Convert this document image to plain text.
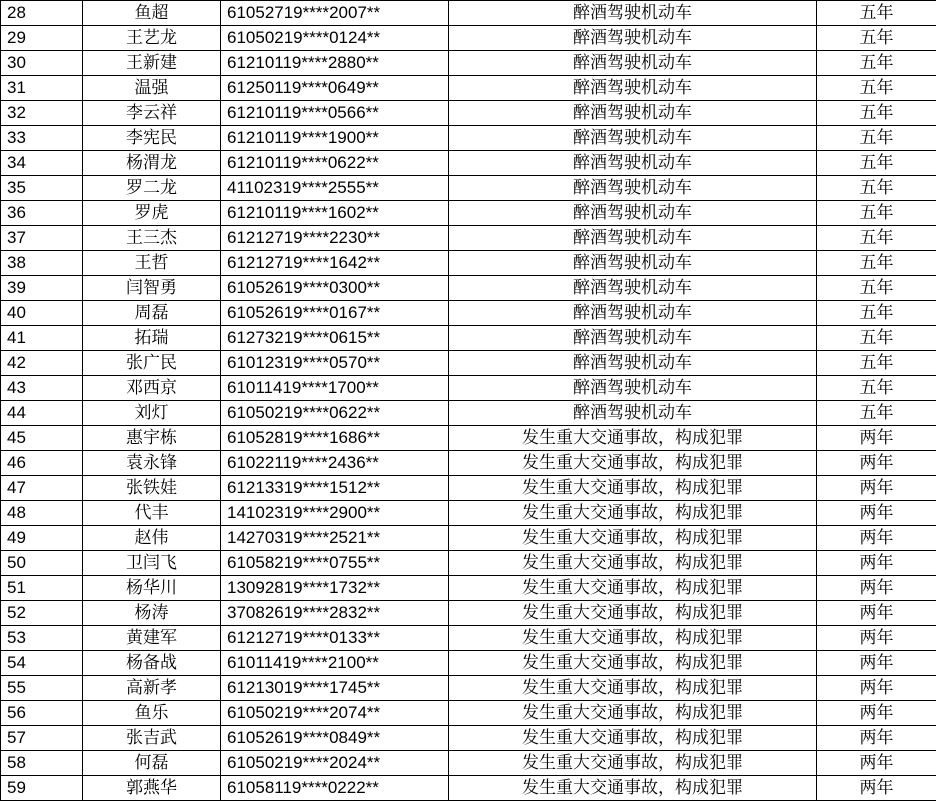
28	鱼超	61052719****2007**	醉酒驾驶机动车	五年
29	王艺龙	61050219****0124**	醉酒驾驶机动车	五年
30	王新建	61210119****2880**	醉酒驾驶机动车	五年
31	温强	61250119****0649**	醉酒驾驶机动车	五年
32	李云祥	61210119****0566**	醉酒驾驶机动车	五年
33	李宪民	61210119****1900**	醉酒驾驶机动车	五年
34	杨渭龙	61210119****0622**	醉酒驾驶机动车	五年
35	罗二龙	41102319****2555**	醉酒驾驶机动车	五年
36	罗虎	61210119****1602**	醉酒驾驶机动车	五年
37	王三杰	61212719****2230**	醉酒驾驶机动车	五年
38	王哲	61212719****1642**	醉酒驾驶机动车	五年
39	闫智勇	61052619****0300**	醉酒驾驶机动车	五年
40	周磊	61052619****0167**	醉酒驾驶机动车	五年
41	拓瑞	61273219****0615**	醉酒驾驶机动车	五年
42	张广民	61012319****0570**	醉酒驾驶机动车	五年
43	邓西京	61011419****1700**	醉酒驾驶机动车	五年
44	刘灯	61050219****0622**	醉酒驾驶机动车	五年
45	惠宇栋	61052819****1686**	发生重大交通事故，构成犯罪	两年
46	袁永锋	61022119****2436**	发生重大交通事故，构成犯罪	两年
47	张铁娃	61213319****1512**	发生重大交通事故，构成犯罪	两年
48	代丰	14102319****2900**	发生重大交通事故，构成犯罪	两年
49	赵伟	14270319****2521**	发生重大交通事故，构成犯罪	两年
50	卫闫飞	61058219****0755**	发生重大交通事故，构成犯罪	两年
51	杨华川	13092819****1732**	发生重大交通事故，构成犯罪	两年
52	杨涛	37082619****2832**	发生重大交通事故，构成犯罪	两年
53	黄建军	61212719****0133**	发生重大交通事故，构成犯罪	两年
54	杨备战	61011419****2100**	发生重大交通事故，构成犯罪	两年
55	高新孝	61213019****1745**	发生重大交通事故，构成犯罪	两年
56	鱼乐	61050219****2074**	发生重大交通事故，构成犯罪	两年
57	张吉武	61052619****0849**	发生重大交通事故，构成犯罪	两年
58	何磊	61050219****2024**	发生重大交通事故，构成犯罪	两年
59	郭燕华	61058119****0222**	发生重大交通事故，构成犯罪	两年
